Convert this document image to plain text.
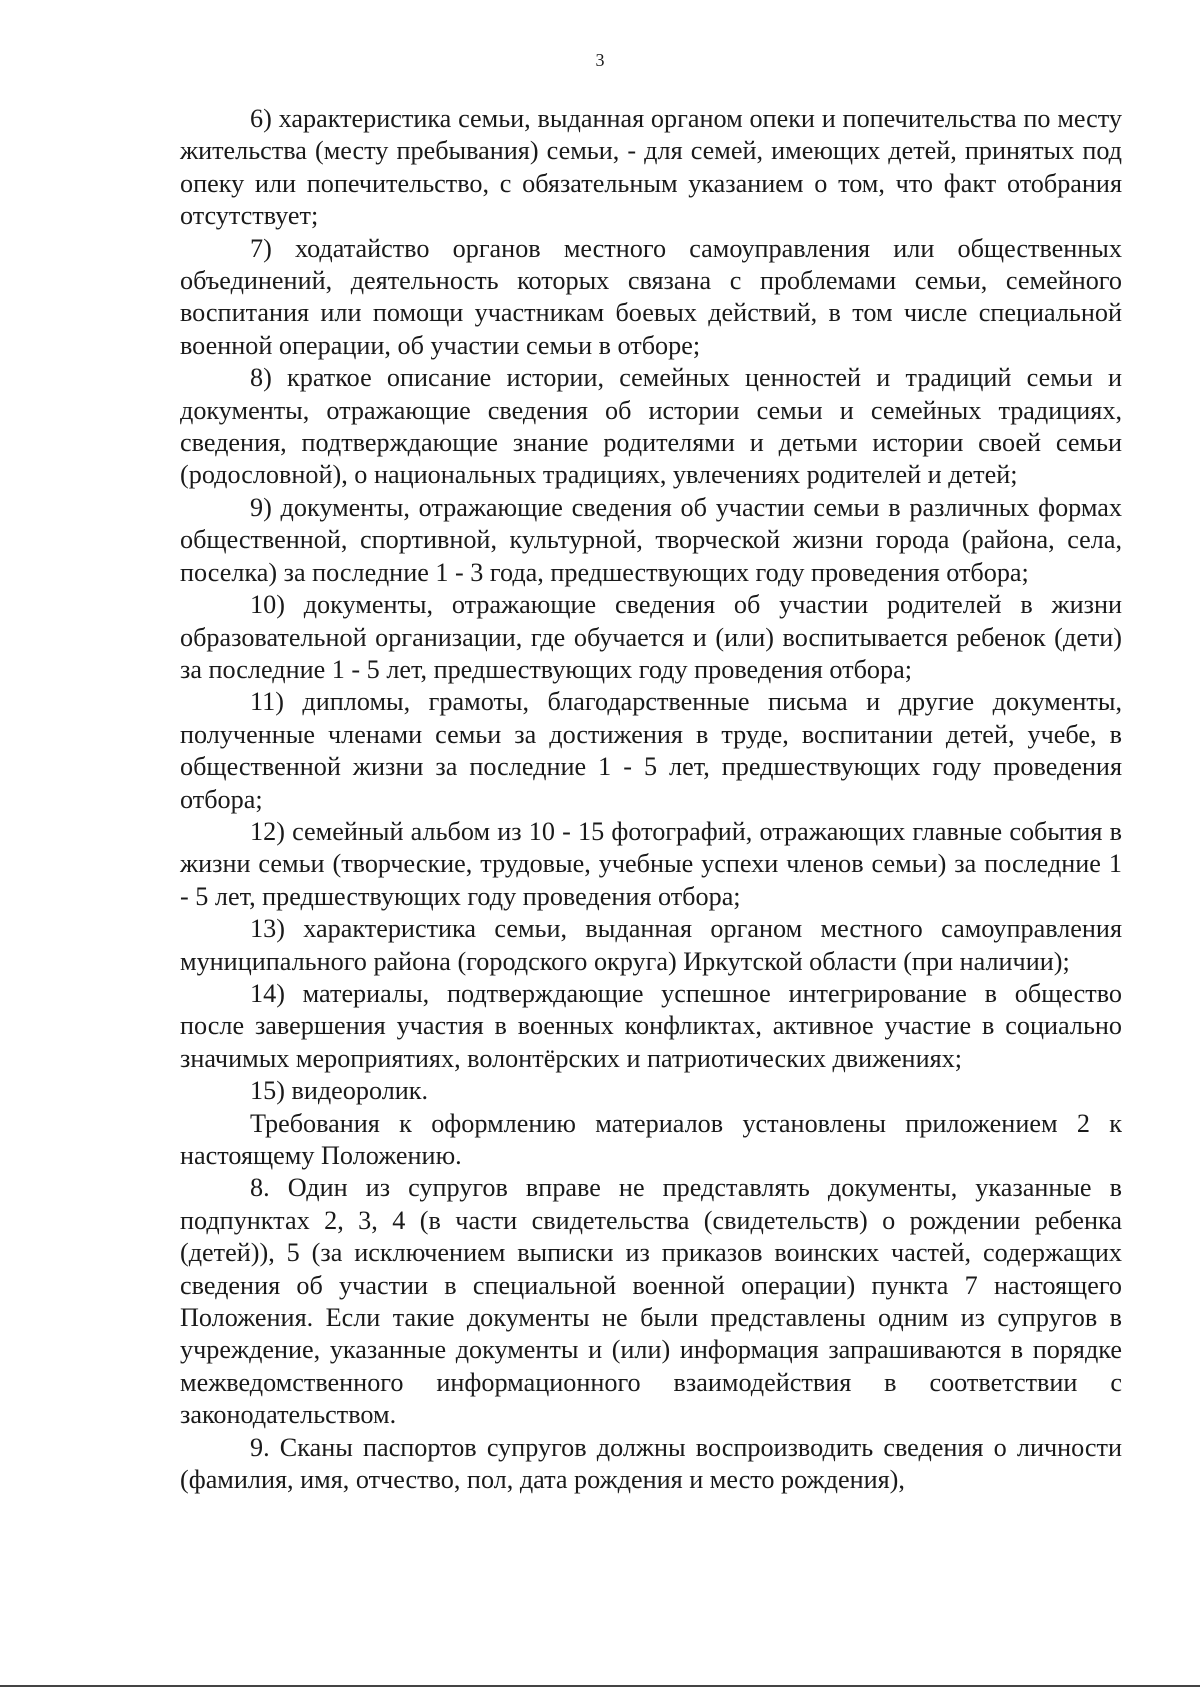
3

6) характеристика семьи, выданная органом опеки и попечительства по месту жительства (месту пребывания) семьи, - для семей, имеющих детей, принятых под опеку или попечительство, с обязательным указанием о том, что факт отобрания отсутствует;

7) ходатайство органов местного самоуправления или общественных объединений, деятельность которых связана с проблемами семьи, семейного воспитания или помощи участникам боевых действий, в том числе специальной военной операции, об участии семьи в отборе;

8) краткое описание истории, семейных ценностей и традиций семьи и документы, отражающие сведения об истории семьи и семейных традициях, сведения, подтверждающие знание родителями и детьми истории своей семьи (родословной), о национальных традициях, увлечениях родителей и детей;

9) документы, отражающие сведения об участии семьи в различных формах общественной, спортивной, культурной, творческой жизни города (района, села, поселка) за последние 1 - 3 года, предшествующих году проведения отбора;

10) документы, отражающие сведения об участии родителей в жизни образовательной организации, где обучается и (или) воспитывается ребенок (дети) за последние 1 - 5 лет, предшествующих году проведения отбора;

11) дипломы, грамоты, благодарственные письма и другие документы, полученные членами семьи за достижения в труде, воспитании детей, учебе, в общественной жизни за последние 1 - 5 лет, предшествующих году проведения отбора;

12) семейный альбом из 10 - 15 фотографий, отражающих главные события в жизни семьи (творческие, трудовые, учебные успехи членов семьи) за последние 1 - 5 лет, предшествующих году проведения отбора;

13) характеристика семьи, выданная органом местного самоуправления муниципального района (городского округа) Иркутской области (при наличии);

14) материалы, подтверждающие успешное интегрирование в общество после завершения участия в военных конфликтах, активное участие в социально значимых мероприятиях, волонтёрских и патриотических движениях;

15) видеоролик.

Требования к оформлению материалов установлены приложением 2 к настоящему Положению.

8. Один из супругов вправе не представлять документы, указанные в подпунктах 2, 3, 4 (в части свидетельства (свидетельств) о рождении ребенка (детей)), 5 (за исключением выписки из приказов воинских частей, содержащих сведения об участии в специальной военной операции) пункта 7 настоящего Положения. Если такие документы не были представлены одним из супругов в учреждение, указанные документы и (или) информация запрашиваются в порядке межведомственного информационного взаимодействия в соответствии с законодательством.

9. Сканы паспортов супругов должны воспроизводить сведения о личности (фамилия, имя, отчество, пол, дата рождения и место рождения),
